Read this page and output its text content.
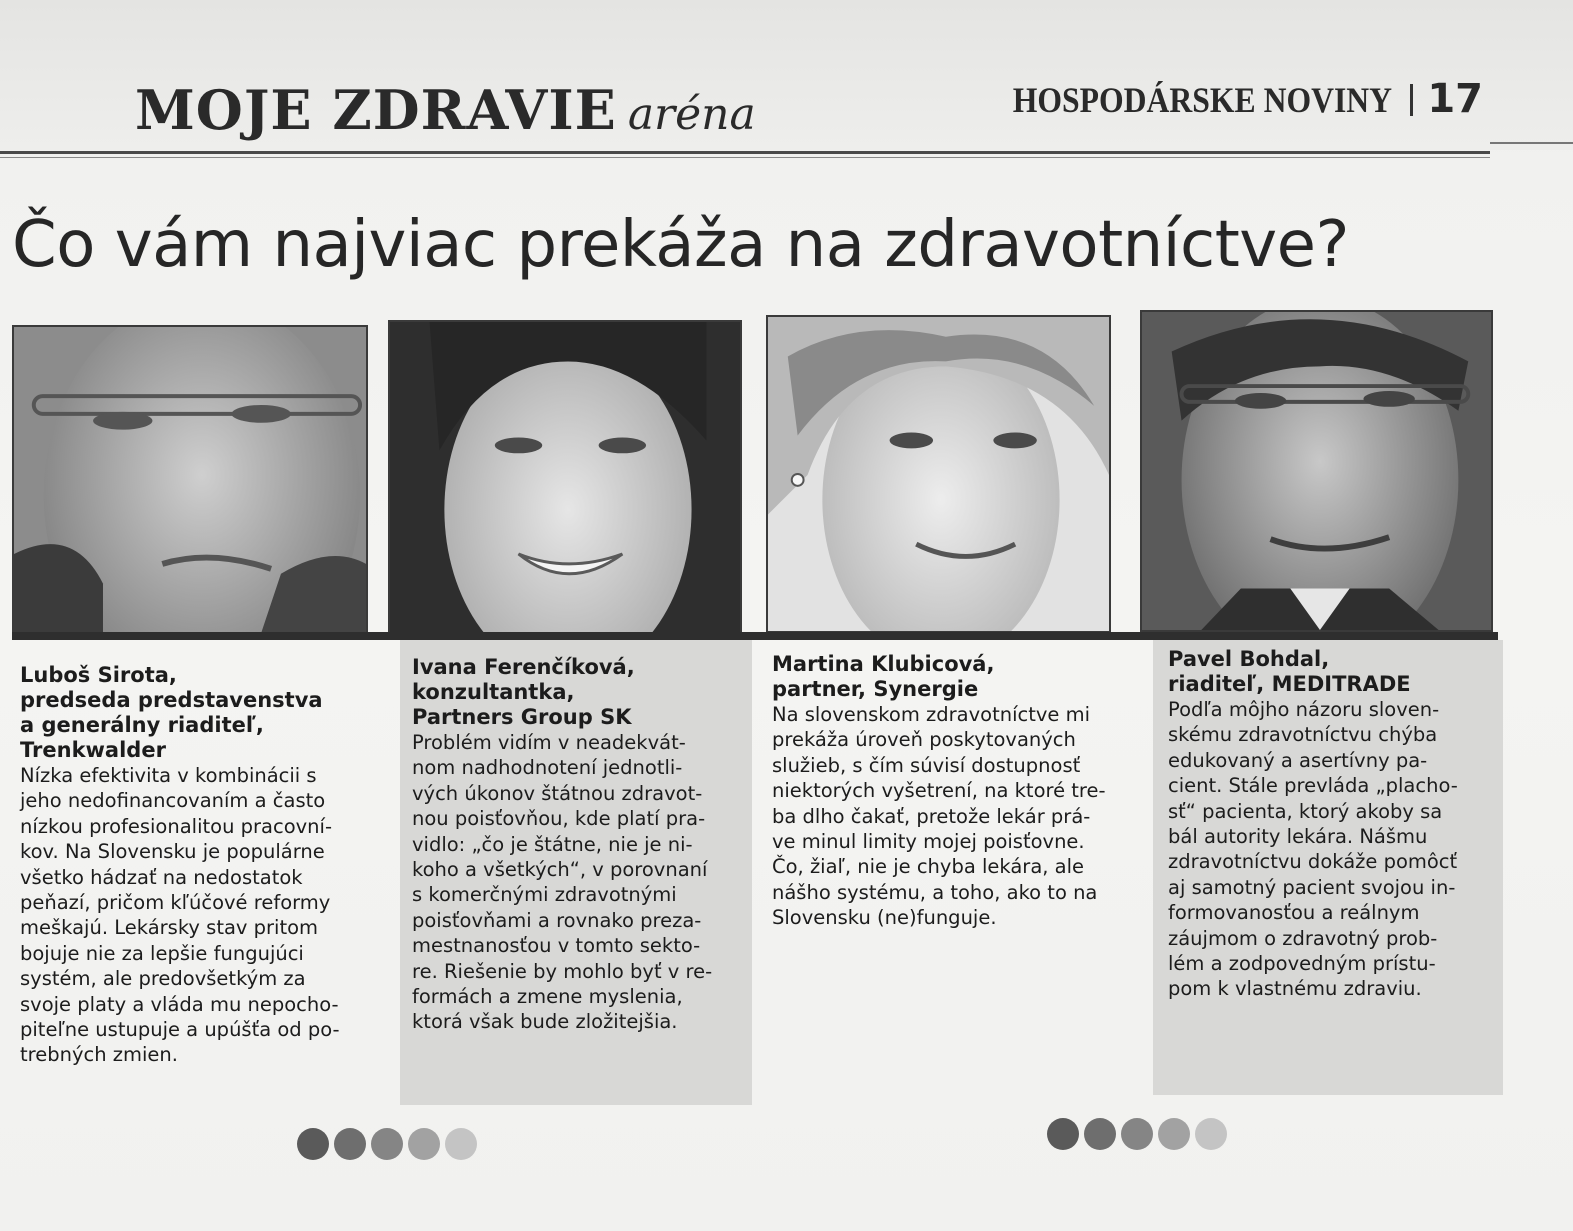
MOJE ZDRAVIE aréna	HOSPODÁRSKE NOVINY 17
Čo vám najviac prekáža na zdravotníctve?
Luboš Sirota,
predseda predstavenstva
a generálny riaditeľ,
Trenkwalder
Nízka efektivita v kombinácii s
jeho nedofinancovaním a často
nízkou profesionalitou pracovní-
kov. Na Slovensku je populárne
všetko hádzať na nedostatok
peňazí, pričom kľúčové reformy
meškajú. Lekársky stav pritom
bojuje nie za lepšie fungujúci
systém, ale predovšetkým za
svoje platy a vláda mu nepocho-
piteľne ustupuje a upúšťa od po-
trebných zmien.
Ivana Ferenčíková,
konzultantka,
Partners Group SK
Problém vidím v neadekvát-
nom nadhodnotení jednotli-
vých úkonov štátnou zdravot-
nou poisťovňou, kde platí pra-
vidlo: „čo je štátne, nie je ni-
koho a všetkých“, v porovnaní
s komerčnými zdravotnými
poisťovňami a rovnako preza-
mestnanosťou v tomto sekto-
re. Riešenie by mohlo byť v re-
formách a zmene myslenia,
ktorá však bude zložitejšia.
Martina Klubicová,
partner, Synergie
Na slovenskom zdravotníctve mi
prekáža úroveň poskytovaných
služieb, s čím súvisí dostupnosť
niektorých vyšetrení, na ktoré tre-
ba dlho čakať, pretože lekár prá-
ve minul limity mojej poisťovne.
Čo, žiaľ, nie je chyba lekára, ale
nášho systému, a toho, ako to na
Slovensku (ne)funguje.
Pavel Bohdal,
riaditeľ, MEDITRADE
Podľa môjho názoru sloven-
skému zdravotníctvu chýba
edukovaný a asertívny pa-
cient. Stále prevláda „placho-
sť“ pacienta, ktorý akoby sa
bál autority lekára. Nášmu
zdravotníctvu dokáže pomôcť
aj samotný pacient svojou in-
formovanosťou a reálnym
záujmom o zdravotný prob-
lém a zodpovedným prístu-
pom k vlastnému zdraviu.
